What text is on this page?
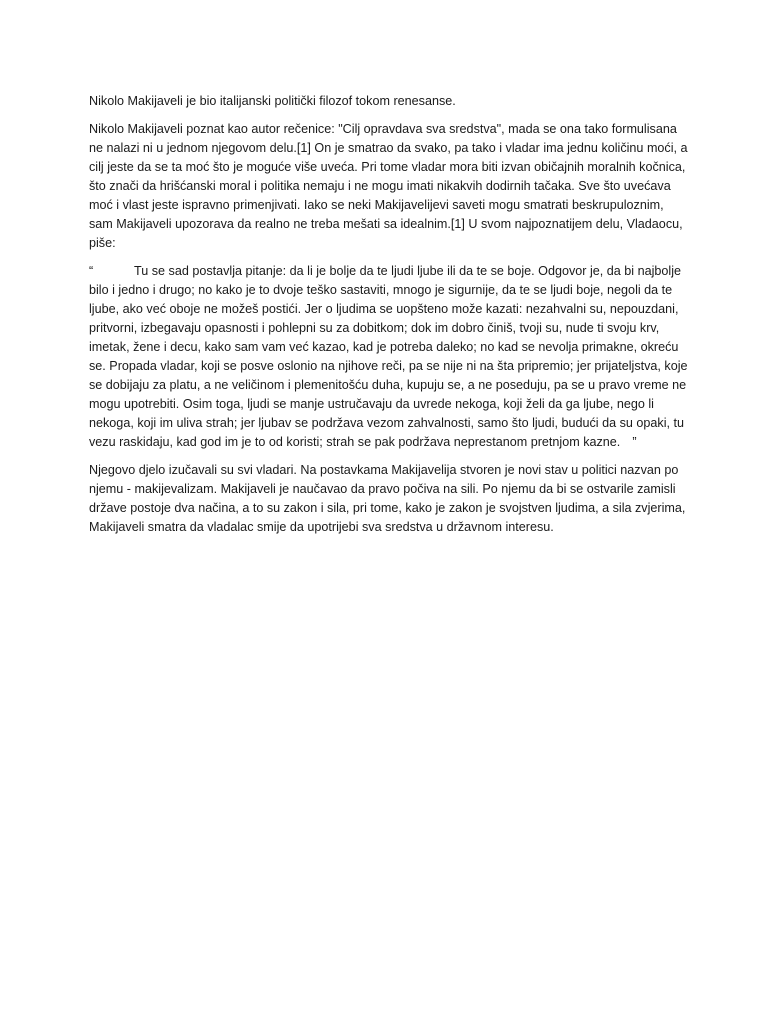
Nikolo Makijaveli je bio italijanski politički filozof tokom renesanse.

Nikolo Makijaveli poznat kao autor rečenice: "Cilj opravdava sva sredstva", mada se ona tako formulisana ne nalazi ni u jednom njegovom delu.[1] On je smatrao da svako, pa tako i vladar ima jednu količinu moći, a cilj jeste da se ta moć što je moguće više uveća. Pri tome vladar mora biti izvan običajnih moralnih kočnica, što znači da hrišćanski moral i politika nemaju i ne mogu imati nikakvih dodirnih tačaka. Sve što uvećava moć i vlast jeste ispravno primenjivati. Iako se neki Makijavelijevi saveti mogu smatrati beskrupuloznim, sam Makijaveli upozorava da realno ne treba mešati sa idealnim.[1] U svom najpoznatijem delu, Vladaocu, piše:

“	Tu se sad postavlja pitanje: da li je bolje da te ljudi ljube ili da te se boje. Odgovor je, da bi najbolje bilo i jedno i drugo; no kako je to dvoje teško sastaviti, mnogo je sigurnije, da te se ljudi boje, negoli da te ljube, ako već oboje ne možeš postići. Jer o ljudima se uopšteno može kazati: nezahvalni su, nepouzdani, pritvorni, izbegavaju opasnosti i pohlepni su za dobitkom; dok im dobro činiš, tvoji su, nude ti svoju krv, imetak, žene i decu, kako sam vam već kazao, kad je potreba daleko; no kad se nevolja primakne, okreću se. Propada vladar, koji se posve oslonio na njihove reči, pa se nije ni na šta pripremio; jer prijateljstva, koje se dobijaju za platu, a ne veličinom i plemenitošću duha, kupuju se, a ne poseduju, pa se u pravo vreme ne mogu upotrebiti. Osim toga, ljudi se manje ustručavaju da uvrede nekoga, koji želi da ga ljube, nego li nekoga, koji im uliva strah; jer ljubav se podržava vezom zahvalnosti, samo što ljudi, budući da su opaki, tu vezu raskidaju, kad god im je to od koristi; strah se pak podržava neprestanom pretnjom kazne. ”

Njegovo djelo izučavali su svi vladari. Na postavkama Makijavelija stvoren je novi stav u politici nazvan po njemu - makijevalizam. Makijaveli je naučavao da pravo počiva na sili. Po njemu da bi se ostvarile zamisli države postoje dva načina, a to su zakon i sila, pri tome, kako je zakon je svojstven ljudima, a sila zvjerima, Makijaveli smatra da vladalac smije da upotrijebi sva sredstva u državnom interesu.
